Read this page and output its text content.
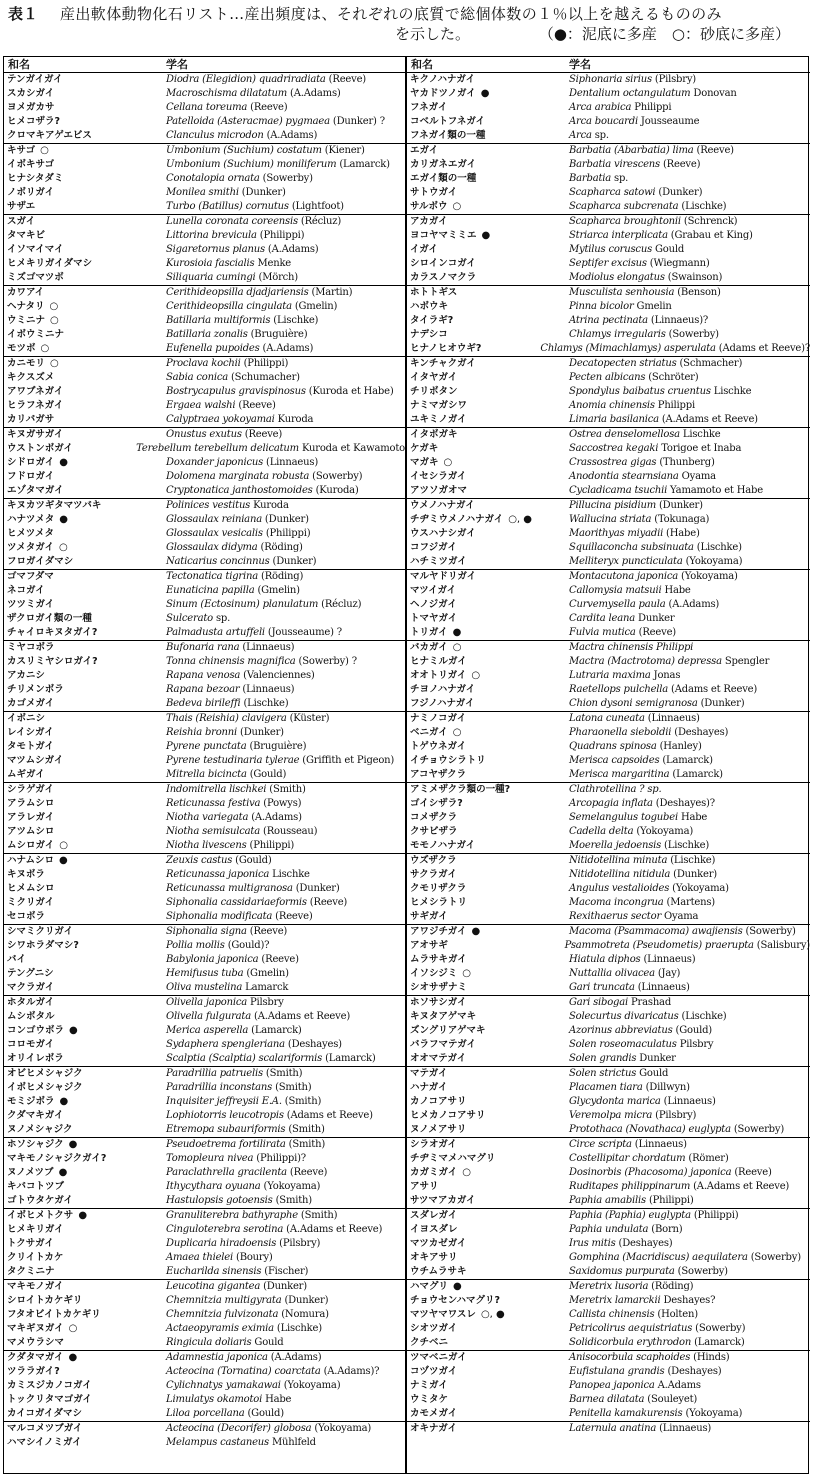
表１	産出軟体動物化石リスト…産出頻度は、それぞれの底質で総個体数の１％以上を越えるもののみ
を示した。	（●：泥底に多産　○：砂底に多産）
和名	学名
テンガイガイ	Diodra (Elegidion) quadriradiata (Reeve)
スカシガイ	Macroschisma dilatatum (A.Adams)
ヨメガカサ	Cellana toreuma (Reeve)
ヒメコザラ?	Patelloida (Asteracmae) pygmaea (Dunker) ?
クロマキアゲエビス	Clanculus microdon (A.Adams)
キサゴ ○	Umbonium (Suchium) costatum (Kiener)
イボキサゴ	Umbonium (Suchium) moniliferum (Lamarck)
ヒナシタダミ	Conotalopia ornata (Sowerby)
ノボリガイ	Monilea smithi (Dunker)
サザエ	Turbo (Batillus) cornutus (Lightfoot)
スガイ	Lunella coronata coreensis (Récluz)
タマキビ	Littorina brevicula (Philippi)
イソマイマイ	Sigaretornus planus (A.Adams)
ヒメキリガイダマシ	Kurosioia fascialis Menke
ミズゴマツボ	Siliquaria cumingi (Mörch)
カワアイ	Cerithideopsilla djadjariensis (Martin)
ヘナタリ ○	Cerithideopsilla cingulata (Gmelin)
ウミニナ ○	Batillaria multiformis (Lischke)
イボウミニナ	Batillaria zonalis (Bruguière)
モツボ ○	Eufenella pupoides (A.Adams)
カニモリ ○	Proclava kochii (Philippi)
キクスズメ	Sabia conica (Schumacher)
アワブネガイ	Bostrycapulus gravispinosus (Kuroda et Habe)
ヒラフネガイ	Ergaea walshi (Reeve)
カリバガサ	Calyptraea yokoyamai Kuroda
キヌガサガイ	Onustus exutus (Reeve)
ウストンボガイ	Terebellum terebellum delicatum Kuroda et Kawamoto
シドロガイ ●	Doxander japonicus (Linnaeus)
フドロガイ	Dolomena marginata robusta (Sowerby)
エゾタマガイ	Cryptonatica janthostomoides (Kuroda)
キヌカツギタマツバキ	Polinices vestitus Kuroda
ハナツメタ ●	Glossaulax reiniana (Dunker)
ヒメツメタ	Glossaulax vesicalis (Philippi)
ツメタガイ ○	Glossaulax didyma (Röding)
フロガイダマシ	Naticarius concinnus (Dunker)
ゴマフダマ	Tectonatica tigrina (Röding)
ネコガイ	Eunaticina papilla (Gmelin)
ツツミガイ	Sinum (Ectosinum) planulatum (Récluz)
ザクロガイ類の一種	Sulcerato sp.
チャイロキヌタガイ?	Palmadusta artuffeli (Jousseaume) ?
ミヤコボラ	Bufonaria rana (Linnaeus)
カスリミヤシロガイ?	Tonna chinensis magnifica (Sowerby) ?
アカニシ	Rapana venosa (Valenciennes)
チリメンボラ	Rapana bezoar (Linnaeus)
カゴメガイ	Bedeva birileffi (Lischke)
イボニシ	Thais (Reishia) clavigera (Küster)
レイシガイ	Reishia bronni (Dunker)
タモトガイ	Pyrene punctata (Bruguière)
マツムシガイ	Pyrene testudinaria tylerae (Griffith et Pigeon)
ムギガイ	Mitrella bicincta (Gould)
シラゲガイ	Indomitrella lischkei (Smith)
アラムシロ	Reticunassa festiva (Powys)
アラレガイ	Niotha variegata (A.Adams)
アツムシロ	Niotha semisulcata (Rousseau)
ムシロガイ ○	Niotha livescens (Philippi)
ハナムシロ ●	Zeuxis castus (Gould)
キヌボラ	Reticunassa japonica Lischke
ヒメムシロ	Reticunassa multigranosa (Dunker)
ミクリガイ	Siphonalia cassidariaeformis (Reeve)
セコボラ	Siphonalia modificata (Reeve)
シマミクリガイ	Siphonalia signa (Reeve)
シワホラダマシ?	Pollia mollis (Gould)?
バイ	Babylonia japonica (Reeve)
テングニシ	Hemifusus tuba (Gmelin)
マクラガイ	Oliva mustelina Lamarck
ホタルガイ	Olivella japonica Pilsbry
ムシボタル	Olivella fulgurata (A.Adams et Reeve)
コンゴウボラ ●	Merica asperella (Lamarck)
コロモガイ	Sydaphera spengleriana (Deshayes)
オリイレボラ	Scalptia (Scalptia) scalariformis (Lamarck)
オビヒメシャジク	Paradrillia patruelis (Smith)
イボヒメシャジク	Paradrillia inconstans (Smith)
モミジボラ ●	Inquisiter jeffreysii E.A. (Smith)
クダマキガイ	Lophiotorris leucotropis (Adams et Reeve)
ヌノメシャジク	Etremopa subauriformis (Smith)
ホソシャジク ●	Pseudoetrema fortilirata (Smith)
マキモノシャジクガイ?	Tomopleura nivea (Philippi)?
ヌノメツブ ●	Paraclathrella gracilenta (Reeve)
キバコトツブ	Ithycythara oyuana (Yokoyama)
ゴトウタケガイ	Hastulopsis gotoensis (Smith)
イボヒメトクサ ●	Granuliterebra bathyraphe (Smith)
ヒメキリガイ	Cinguloterebra serotina (A.Adams et Reeve)
トクサガイ	Duplicaria hiradoensis (Pilsbry)
クリイトカケ	Amaea thielei (Boury)
タクミニナ	Eucharilda sinensis (Fischer)
マキモノガイ	Leucotina gigantea (Dunker)
シロイトカケギリ	Chemnitzia multigyrata (Dunker)
フタオビイトカケギリ	Chemnitzia fulvizonata (Nomura)
マキギヌガイ ○	Actaeopyramis eximia (Lischke)
マメウラシマ	Ringicula doliaris Gould
クダタマガイ ●	Adamnestia japonica (A.Adams)
ツララガイ?	Acteocina (Tornatina) coarctata (A.Adams)?
カミスジカノコガイ	Cylichnatys yamakawai (Yokoyama)
トックリタマゴガイ	Limulatys okamotoi Habe
カイコガイダマシ	Liloa porcellana (Gould)
マルコメツブガイ	Acteocina (Decorifer) globosa (Yokoyama)
ハマシイノミガイ	Melampus castaneus Mühlfeld
和名	学名
キクノハナガイ	Siphonaria sirius (Pilsbry)
ヤカドツノガイ ●	Dentalium octangulatum Donovan
フネガイ	Arca arabica Philippi
コベルトフネガイ	Arca boucardi Jousseaume
フネガイ類の一種	Arca sp.
エガイ	Barbatia (Abarbatia) lima (Reeve)
カリガネエガイ	Barbatia virescens (Reeve)
エガイ類の一種	Barbatia sp.
サトウガイ	Scapharca satowi (Dunker)
サルボウ ○	Scapharca subcrenata (Lischke)
アカガイ	Scapharca broughtonii (Schrenck)
ヨコヤマミミエ ●	Striarca interplicata (Grabau et King)
イガイ	Mytilus coruscus Gould
シロインコガイ	Septifer excisus (Wiegmann)
カラスノマクラ	Modiolus elongatus (Swainson)
ホトトギス	Musculista senhousia (Benson)
ハボウキ	Pinna bicolor Gmelin
タイラギ?	Atrina pectinata (Linnaeus)?
ナデシコ	Chlamys irregularis (Sowerby)
ヒナノヒオウギ?	Chlamys (Mimachlamys) asperulata (Adams et Reeve)?
キンチャクガイ	Decatopecten striatus (Schmacher)
イタヤガイ	Pecten albicans (Schröter)
チリボタン	Spondylus baibatus cruentus Lischke
ナミマガシワ	Anomia chinensis Philippi
ユキミノガイ	Limaria basilanica (A.Adams et Reeve)
イタボガキ	Ostrea denselomellosa Lischke
ケガキ	Saccostrea kegaki Torigoe et Inaba
マガキ ○	Crassostrea gigas (Thunberg)
イセシラガイ	Anodontia stearnsiana Oyama
アツソガオマ	Cycladicama tsuchii Yamamoto et Habe
ウメノハナガイ	Pillucina pisidium (Dunker)
チヂミウメノハナガイ ○, ●	Wallucina striata (Tokunaga)
ウスハナシガイ	Maorithyas miyadii (Habe)
コフジガイ	Squillaconcha subsinuata (Lischke)
ハチミツガイ	Melliteryx puncticulata (Yokoyama)
マルヤドリガイ	Montacutona japonica (Yokoyama)
マツイガイ	Callomysia matsuii Habe
ヘノジガイ	Curvemysella paula (A.Adams)
トマヤガイ	Cardita leana Dunker
トリガイ ●	Fulvia mutica (Reeve)
バカガイ ○	Mactra chinensis Philippi
ヒナミルガイ	Mactra (Mactrotoma) depressa Spengler
オオトリガイ ○	Lutraria maxima Jonas
チヨノハナガイ	Raetellops pulchella (Adams et Reeve)
フジノハナガイ	Chion dysoni semigranosa (Dunker)
ナミノコガイ	Latona cuneata (Linnaeus)
ベニガイ ○	Pharaonella sieboldii (Deshayes)
トゲウネガイ	Quadrans spinosa (Hanley)
イチョウシラトリ	Merisca capsoides (Lamarck)
アコヤザクラ	Merisca margaritina (Lamarck)
アミメザクラ類の一種?	Clathrotellina ? sp.
ゴイシザラ?	Arcopagia inflata (Deshayes)?
コメザクラ	Semelangulus togubei Habe
クサビザラ	Cadella delta (Yokoyama)
モモノハナガイ	Moerella jedoensis (Lischke)
ウズザクラ	Nitidotellina minuta (Lischke)
サクラガイ	Nitidotellina nitidula (Dunker)
クモリザクラ	Angulus vestalioides (Yokoyama)
ヒメシラトリ	Macoma incongrua (Martens)
サギガイ	Rexithaerus sector Oyama
アワジチガイ ●	Macoma (Psammacoma) awajiensis (Sowerby)
アオサギ	Psammotreta (Pseudometis) praerupta (Salisbury)
ムラサキガイ	Hiatula diphos (Linnaeus)
イソシジミ ○	Nuttallia olivacea (Jay)
シオサザナミ	Gari truncata (Linnaeus)
ホソサシガイ	Gari sibogai Prashad
キヌタアゲマキ	Solecurtus divaricatus (Lischke)
ズングリアゲマキ	Azorinus abbreviatus (Gould)
バラフマテガイ	Solen roseomaculatus Pilsbry
オオマテガイ	Solen grandis Dunker
マテガイ	Solen strictus Gould
ハナガイ	Placamen tiara (Dillwyn)
カノコアサリ	Glycydonta marica (Linnaeus)
ヒメカノコアサリ	Veremolpa micra (Pilsbry)
ヌノメアサリ	Protothaca (Novathaca) euglypta (Sowerby)
シラオガイ	Circe scripta (Linnaeus)
チヂミマメハマグリ	Costellipitar chordatum (Römer)
カガミガイ ○	Dosinorbis (Phacosoma) japonica (Reeve)
アサリ	Ruditapes philippinarum (A.Adams et Reeve)
サツマアカガイ	Paphia amabilis (Philippi)
スダレガイ	Paphia (Paphia) euglypta (Philippi)
イヨスダレ	Paphia undulata (Born)
マツカゼガイ	Irus mitis (Deshayes)
オキアサリ	Gomphina (Macridiscus) aequilatera (Sowerby)
ウチムラサキ	Saxidomus purpurata (Sowerby)
ハマグリ ●	Meretrix lusoria (Röding)
チョウセンハマグリ?	Meretrix lamarckii Deshayes?
マツヤマワスレ ○, ●	Callista chinensis (Holten)
シオツガイ	Petricolirus aequistriatus (Sowerby)
クチベニ	Solidicorbula erythrodon (Lamarck)
ツマベニガイ	Anisocorbula scaphoides (Hinds)
コヅツガイ	Eufistulana grandis (Deshayes)
ナミガイ	Panopea japonica A.Adams
ウミタケ	Barnea dilatata (Souleyet)
カモメガイ	Penitella kamakurensis (Yokoyama)
オキナガイ	Laternula anatina (Linnaeus)
